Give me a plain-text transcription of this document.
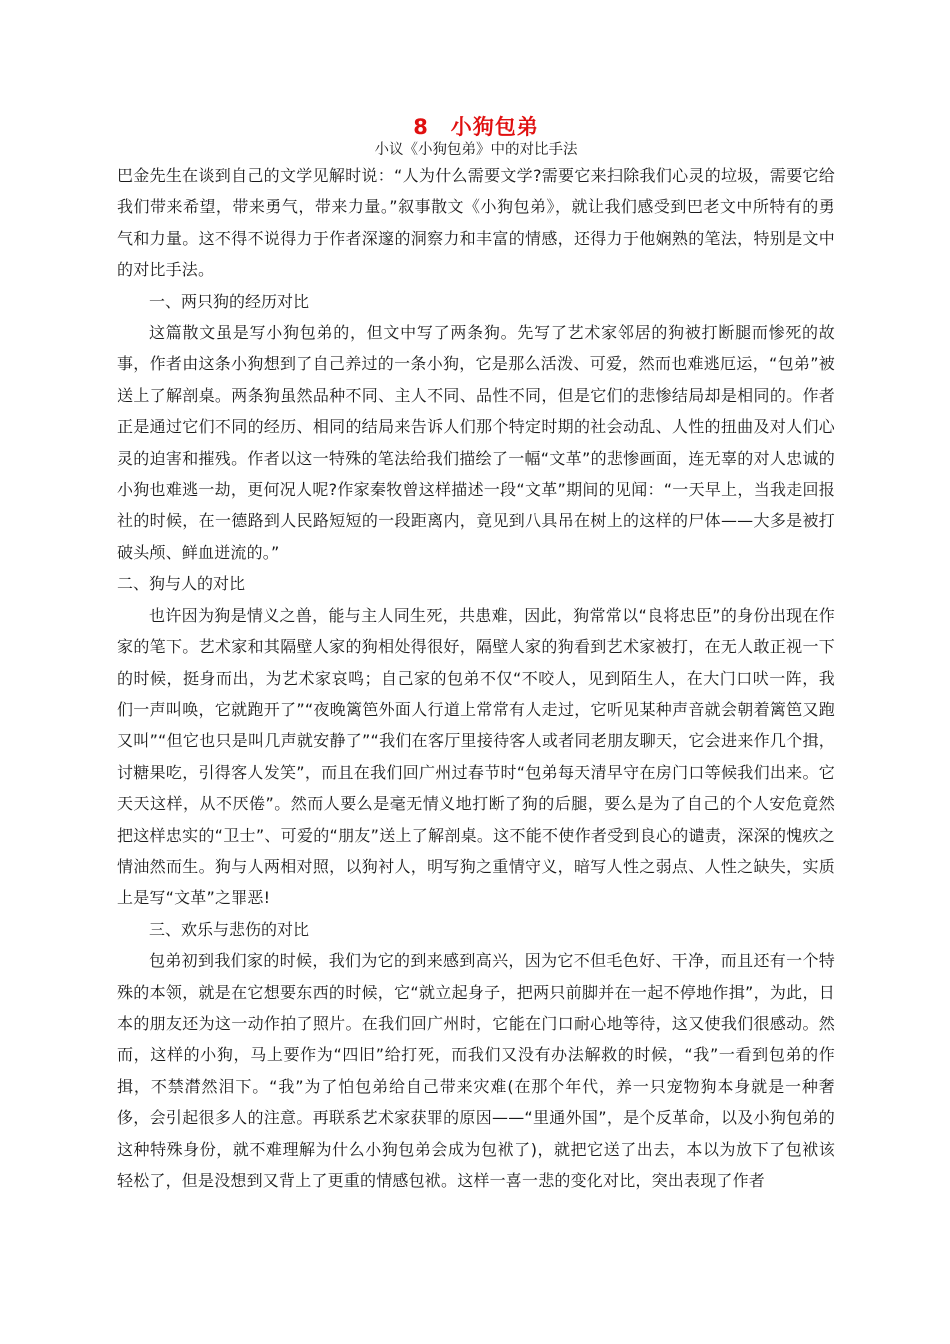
8　小狗包弟
小议《小狗包弟》中的对比手法

巴金先生在谈到自己的文学见解时说：“人为什么需要文学?需要它来扫除我们心灵的垃圾，需要它给我们带来希望，带来勇气，带来力量。”叙事散文《小狗包弟》，就让我们感受到巴老文中所特有的勇气和力量。这不得不说得力于作者深邃的洞察力和丰富的情感，还得力于他娴熟的笔法，特别是文中的对比手法。

一、两只狗的经历对比

这篇散文虽是写小狗包弟的，但文中写了两条狗。先写了艺术家邻居的狗被打断腿而惨死的故事，作者由这条小狗想到了自己养过的一条小狗，它是那么活泼、可爱，然而也难逃厄运，“包弟”被送上了解剖桌。两条狗虽然品种不同、主人不同、品性不同，但是它们的悲惨结局却是相同的。作者正是通过它们不同的经历、相同的结局来告诉人们那个特定时期的社会动乱、人性的扭曲及对人们心灵的迫害和摧残。作者以这一特殊的笔法给我们描绘了一幅“文革”的悲惨画面，连无辜的对人忠诚的小狗也难逃一劫，更何况人呢?作家秦牧曾这样描述一段“文革”期间的见闻：“一天早上，当我走回报社的时候，在一德路到人民路短短的一段距离内，竟见到八具吊在树上的这样的尸体——大多是被打破头颅、鲜血迸流的。”

二、狗与人的对比

也许因为狗是情义之兽，能与主人同生死，共患难，因此，狗常常以“良将忠臣”的身份出现在作家的笔下。艺术家和其隔壁人家的狗相处得很好，隔壁人家的狗看到艺术家被打，在无人敢正视一下的时候，挺身而出，为艺术家哀鸣；自己家的包弟不仅“不咬人，见到陌生人，在大门口吠一阵，我们一声叫唤，它就跑开了”“夜晚篱笆外面人行道上常常有人走过，它听见某种声音就会朝着篱笆又跑又叫”“但它也只是叫几声就安静了”“我们在客厅里接待客人或者同老朋友聊天，它会进来作几个揖，讨糖果吃，引得客人发笑”，而且在我们回广州过春节时“包弟每天清早守在房门口等候我们出来。它天天这样，从不厌倦”。然而人要么是毫无情义地打断了狗的后腿，要么是为了自己的个人安危竟然把这样忠实的“卫士”、可爱的“朋友”送上了解剖桌。这不能不使作者受到良心的谴责，深深的愧疚之情油然而生。狗与人两相对照，以狗衬人，明写狗之重情守义，暗写人性之弱点、人性之缺失，实质上是写“文革”之罪恶!

三、欢乐与悲伤的对比

包弟初到我们家的时候，我们为它的到来感到高兴，因为它不但毛色好、干净，而且还有一个特殊的本领，就是在它想要东西的时候，它“就立起身子，把两只前脚并在一起不停地作揖”，为此，日本的朋友还为这一动作拍了照片。在我们回广州时，它能在门口耐心地等待，这又使我们很感动。然而，这样的小狗，马上要作为“四旧”给打死，而我们又没有办法解救的时候，“我”一看到包弟的作揖，不禁潸然泪下。“我”为了怕包弟给自己带来灾难(在那个年代，养一只宠物狗本身就是一种奢侈，会引起很多人的注意。再联系艺术家获罪的原因——“里通外国”，是个反革命，以及小狗包弟的这种特殊身份，就不难理解为什么小狗包弟会成为包袱了)，就把它送了出去，本以为放下了包袱该轻松了，但是没想到又背上了更重的情感包袱。这样一喜一悲的变化对比，突出表现了作者
